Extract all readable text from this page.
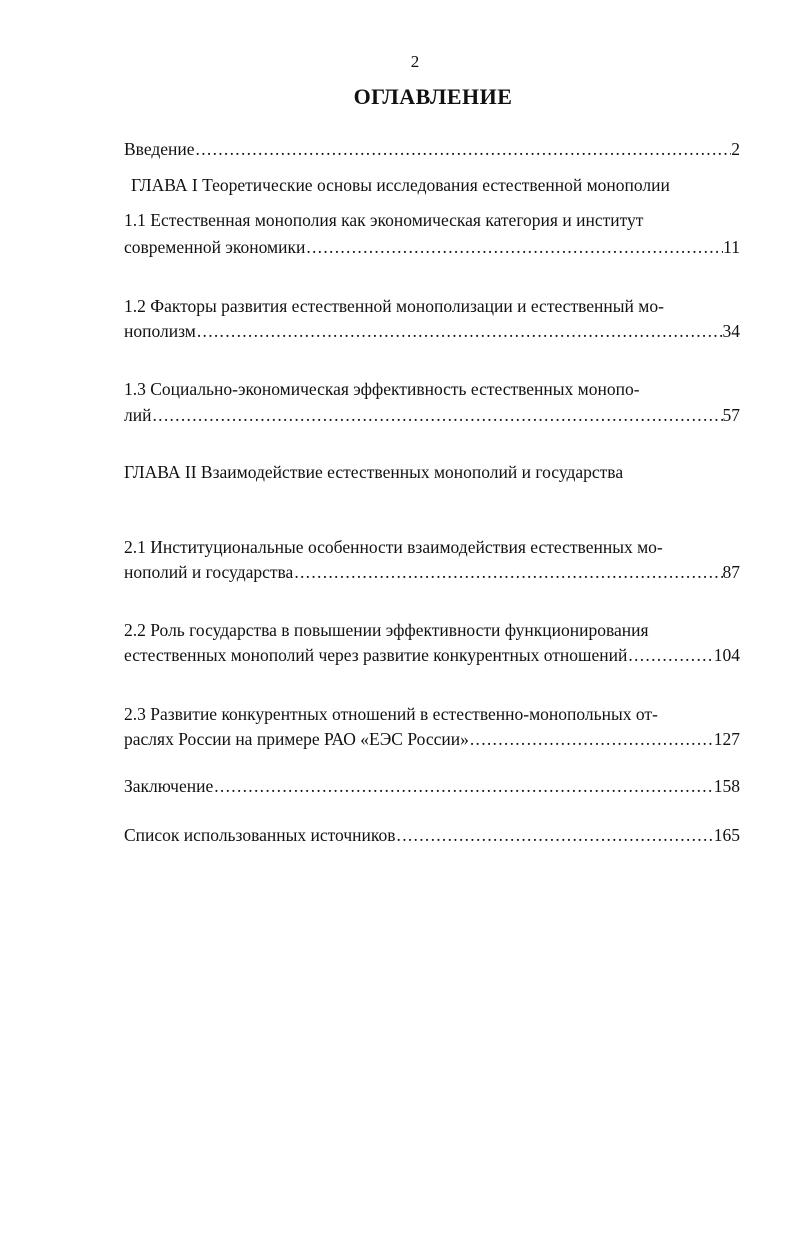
2
ОГЛАВЛЕНИЕ
Введение .....	2
ГЛАВА I Теоретические основы исследования естественной монополии
1.1 Естественная монополия как экономическая категория и институт
современной экономики .....	11
1.2 Факторы развития естественной монополизации и естественный мо-
нополизм .....	34
1.3 Социально-экономическая эффективность естественных монопо-
лий .....	57
ГЛАВА II Взаимодействие естественных монополий и государства
2.1 Институциональные особенности взаимодействия естественных мо-
нополий и государства .....	87
2.2 Роль государства в повышении эффективности функционирования
естественных монополий через развитие конкурентных отношений .....	104
2.3 Развитие конкурентных отношений в естественно-монопольных от-
раслях России на примере РАО «ЕЭС России» .....	127
Заключение .....	158
Список использованных источников .....	165
